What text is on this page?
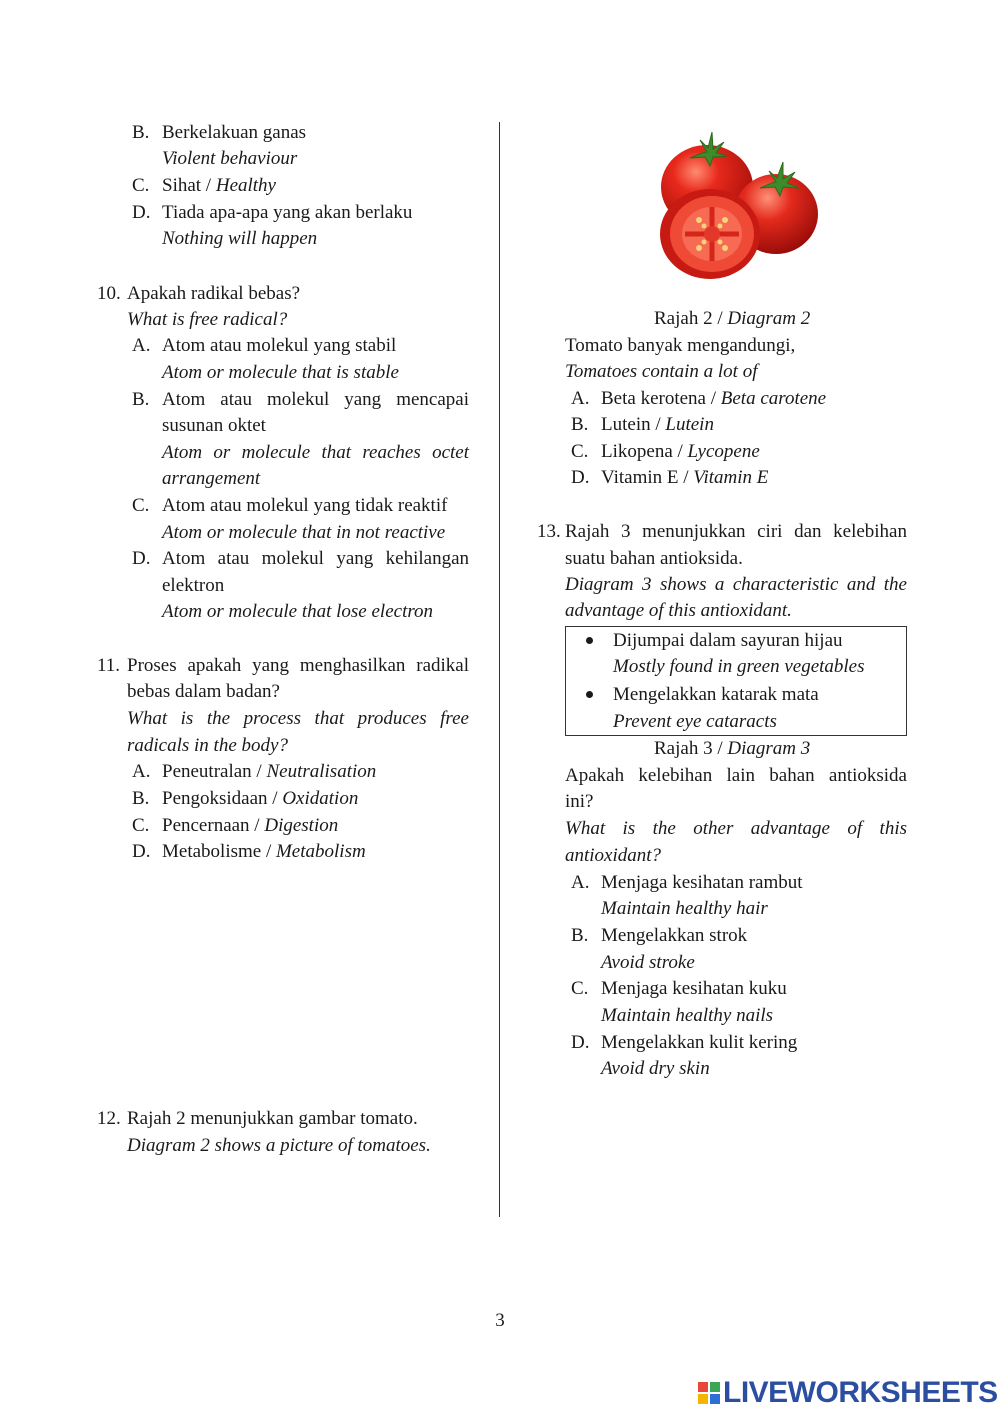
B. Berkelakuan ganas
Violent behaviour
C. Sihat / Healthy
D. Tiada apa-apa yang akan berlaku
Nothing will happen
10. Apakah radikal bebas?
What is free radical?
A. Atom atau molekul yang stabil
Atom or molecule that is stable
B. Atom atau molekul yang mencapai
susunan oktet
Atom or molecule that reaches octet
arrangement
C. Atom atau molekul yang tidak reaktif
Atom or molecule that in not reactive
D. Atom atau molekul yang kehilangan
elektron
Atom or molecule that lose electron
11. Proses apakah yang menghasilkan radikal
bebas dalam badan?
What is the process that produces free
radicals in the body?
A. Peneutralan / Neutralisation
B. Pengoksidaan / Oxidation
C. Pencernaan / Digestion
D. Metabolisme / Metabolism
12. Rajah 2 menunjukkan gambar tomato.
Diagram 2 shows a picture of tomatoes.
Rajah 2 / Diagram 2
Tomato banyak mengandungi,
Tomatoes contain a lot of
A. Beta kerotena / Beta carotene
B. Lutein / Lutein
C. Likopena / Lycopene
D. Vitamin E / Vitamin E
13. Rajah 3 menunjukkan ciri dan kelebihan
suatu bahan antioksida.
Diagram 3 shows a characteristic and the
advantage of this antioxidant.
Dijumpai dalam sayuran hijau
Mostly found in green vegetables
Mengelakkan katarak mata
Prevent eye cataracts
Rajah 3 / Diagram 3
Apakah kelebihan lain bahan antioksida
ini?
What is the other advantage of this
antioxidant?
A. Menjaga kesihatan rambut
Maintain healthy hair
B. Mengelakkan strok
Avoid stroke
C. Menjaga kesihatan kuku
Maintain healthy nails
D. Mengelakkan kulit kering
Avoid dry skin
3
LIVEWORKSHEETS
